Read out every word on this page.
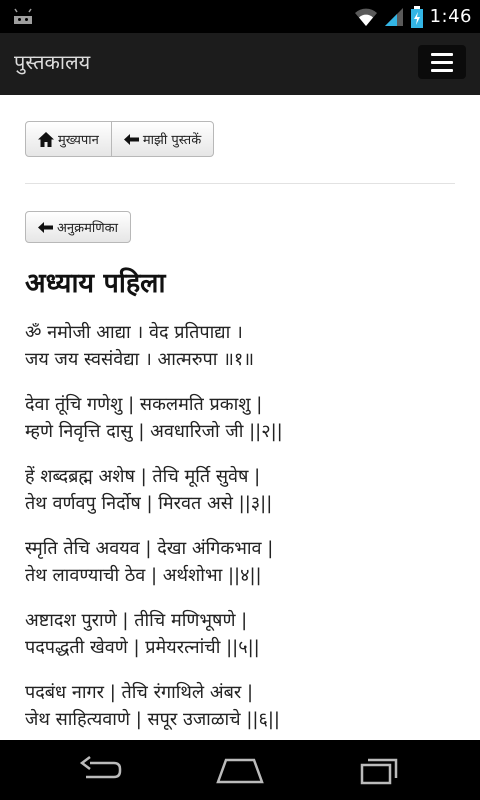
1:46
पुस्तकालय
मुख्यपान	माझी पुस्तकें
अनुक्रमणिका
अध्याय पहिला

ॐ नमोजी आद्या । वेद प्रतिपाद्या ।
जय जय स्वसंवेद्या । आत्मरुपा ॥१॥

देवा तूंचि गणेशु | सकलमति प्रकाशु |
म्हणे निवृत्ति दासु | अवधारिजो जी ||२||

हें शब्दब्रह्म अशेष | तेचि मूर्ति सुवेष |
तेथ वर्णवपु निर्दोष | मिरवत असे ||३||

स्मृति तेचि अवयव | देखा अंगिकभाव |
तेथ लावण्याची ठेव | अर्थशोभा ||४||

अष्टादश पुराणे | तीचि मणिभूषणे |
पदपद्धती खेवणे | प्रमेयरत्नांची ||५||

पदबंध नागर | तेचि रंगाथिले अंबर |
जेथ साहित्यवाणे | सपूर उजाळाचे ||६||
